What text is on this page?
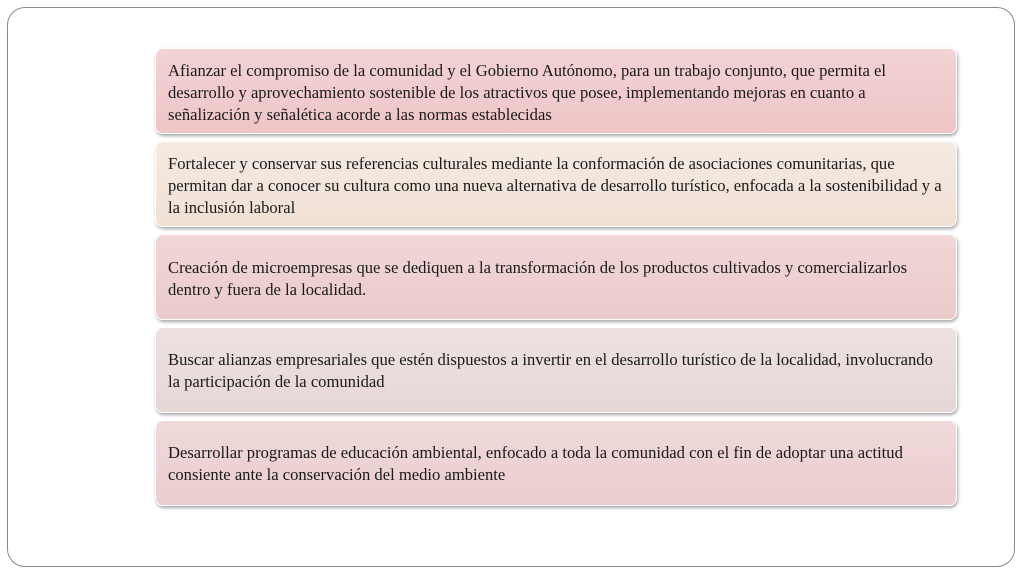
Afianzar el compromiso de la comunidad y el Gobierno Autónomo, para un trabajo conjunto, que permita el desarrollo y aprovechamiento sostenible de los atractivos que posee, implementando mejoras en cuanto a señalización y señalética acorde a las normas establecidas
Fortalecer y conservar sus referencias culturales mediante la conformación de asociaciones comunitarias, que permitan dar a conocer su cultura como una nueva alternativa de desarrollo turístico, enfocada a la sostenibilidad y a la inclusión laboral
Creación de microempresas que se dediquen a la transformación de los productos cultivados y comercializarlos dentro y fuera de la localidad.
Buscar alianzas empresariales que estén dispuestos a invertir en el desarrollo turístico de la localidad, involucrando la participación de la comunidad
Desarrollar programas de educación ambiental, enfocado a toda la comunidad con el fin de adoptar una actitud consiente ante la conservación del medio ambiente
